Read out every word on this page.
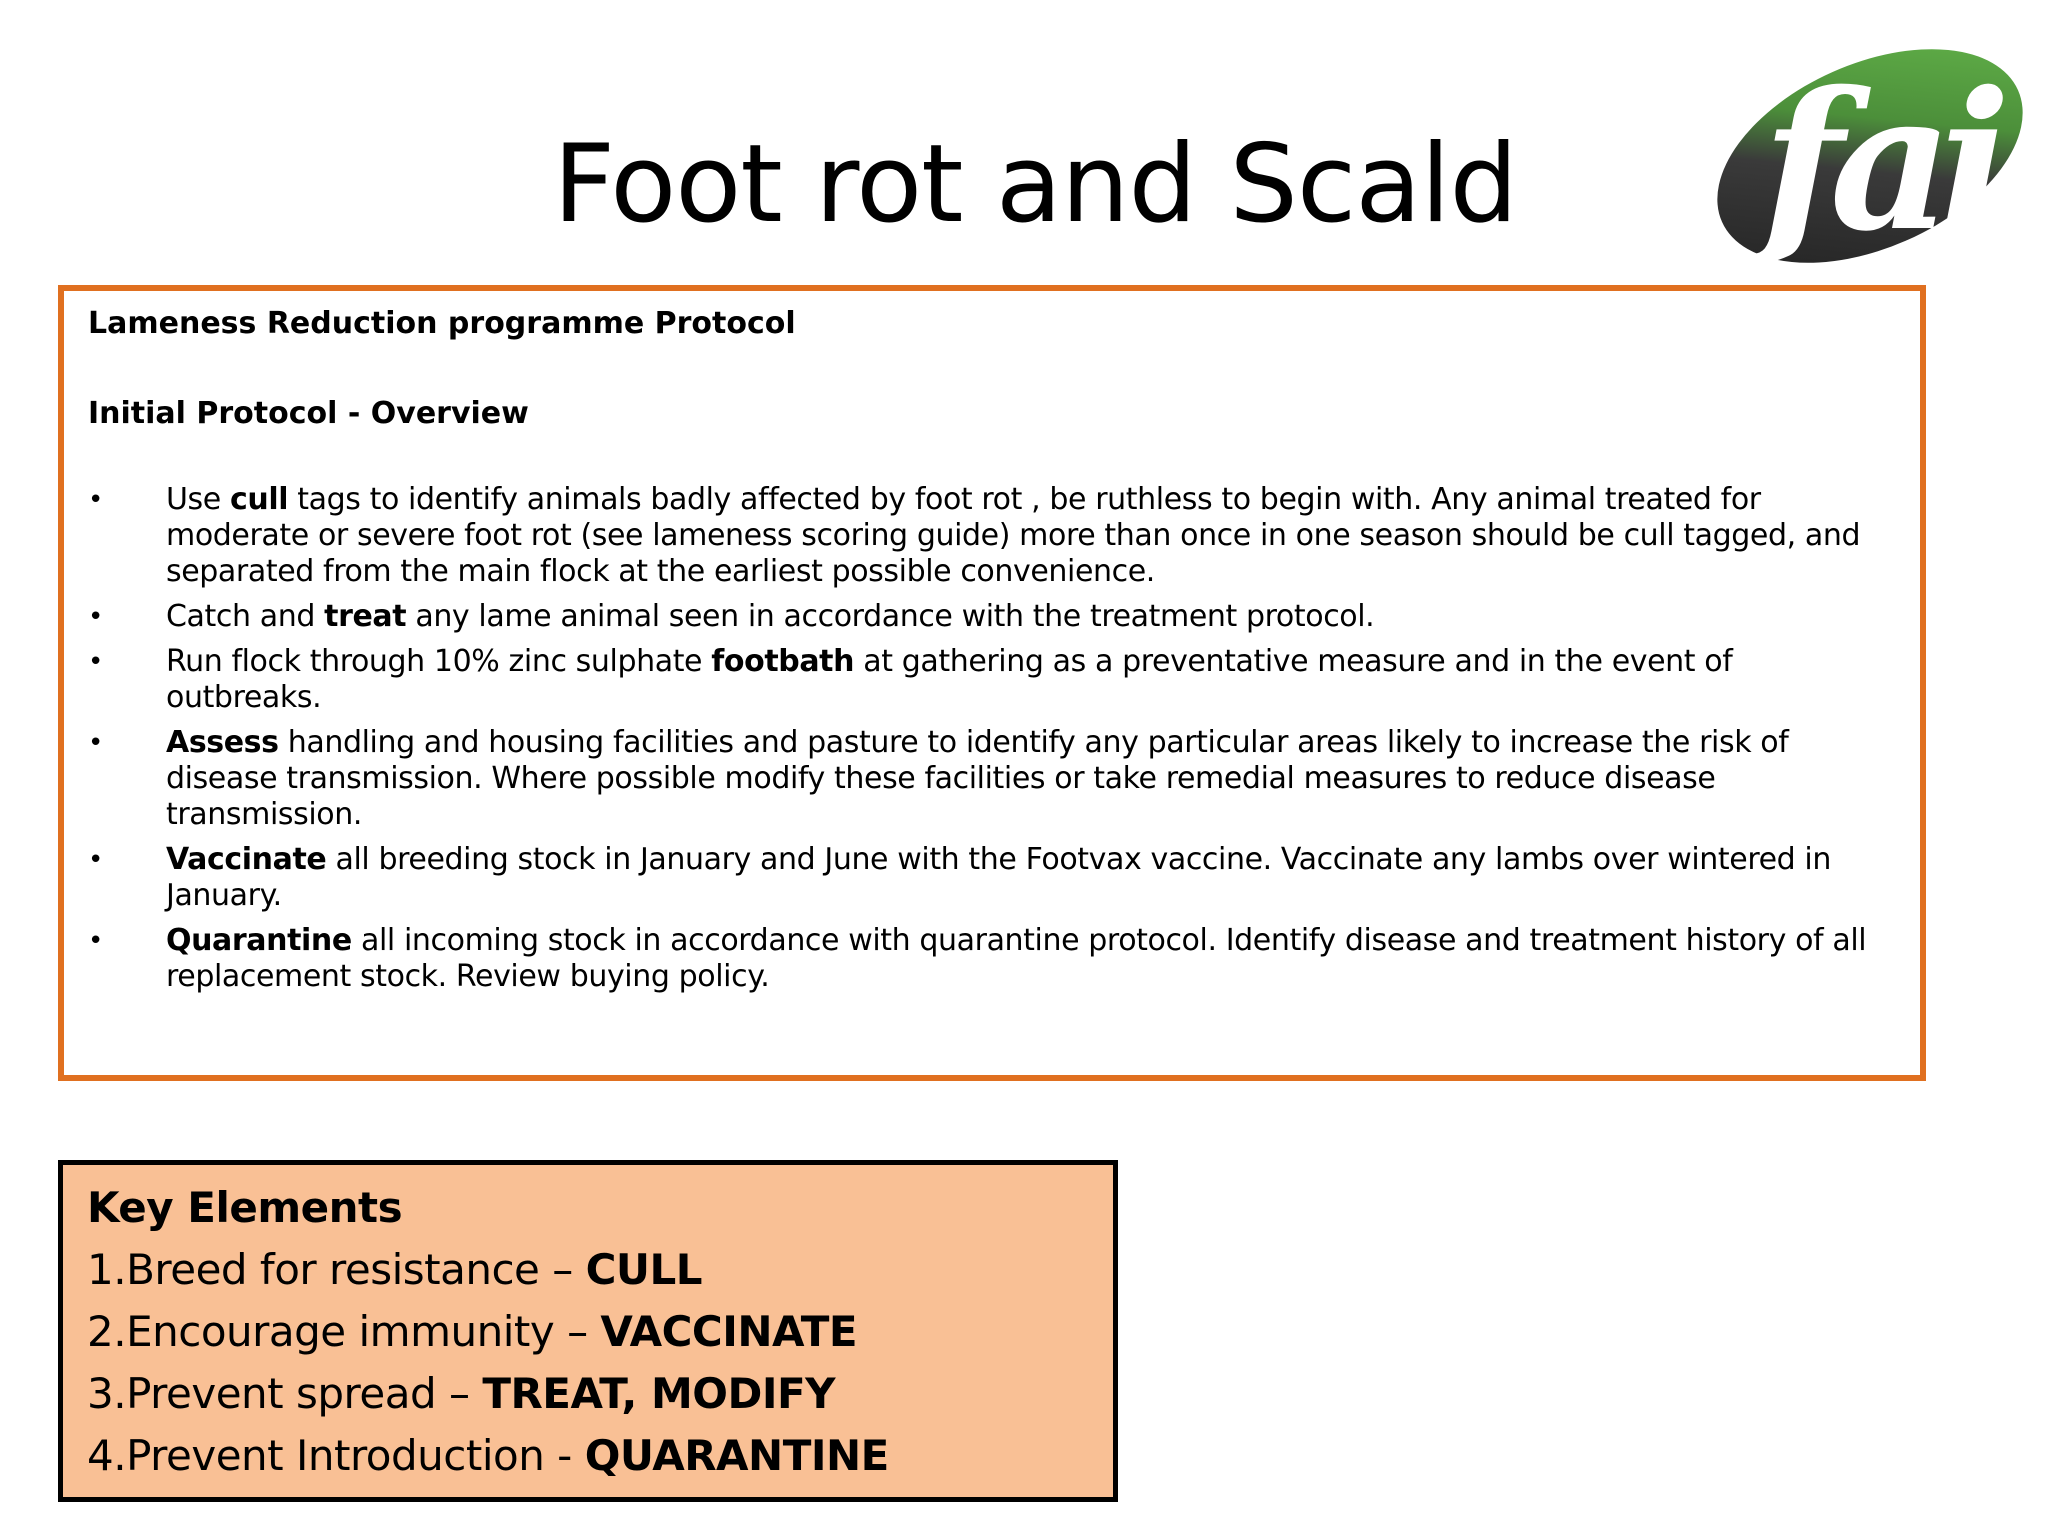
Foot rot and Scald	fai

Lameness Reduction programme Protocol

Initial Protocol - Overview

• Use cull tags to identify animals badly affected by foot rot , be ruthless to begin with. Any animal treated for moderate or severe foot rot (see lameness scoring guide) more than once in one season should be cull tagged, and separated from the main flock at the earliest possible convenience.
• Catch and treat any lame animal seen in accordance with the treatment protocol.
• Run flock through 10% zinc sulphate footbath at gathering as a preventative measure and in the event of outbreaks.
• Assess handling and housing facilities and pasture to identify any particular areas likely to increase the risk of disease transmission. Where possible modify these facilities or take remedial measures to reduce disease transmission.
• Vaccinate all breeding stock in January and June with the Footvax vaccine. Vaccinate any lambs over wintered in January.
• Quarantine all incoming stock in accordance with quarantine protocol. Identify disease and treatment history of all replacement stock. Review buying policy.

Key Elements

1.Breed for resistance – CULL

2.Encourage immunity – VACCINATE

3.Prevent spread – TREAT, MODIFY

4.Prevent Introduction - QUARANTINE
